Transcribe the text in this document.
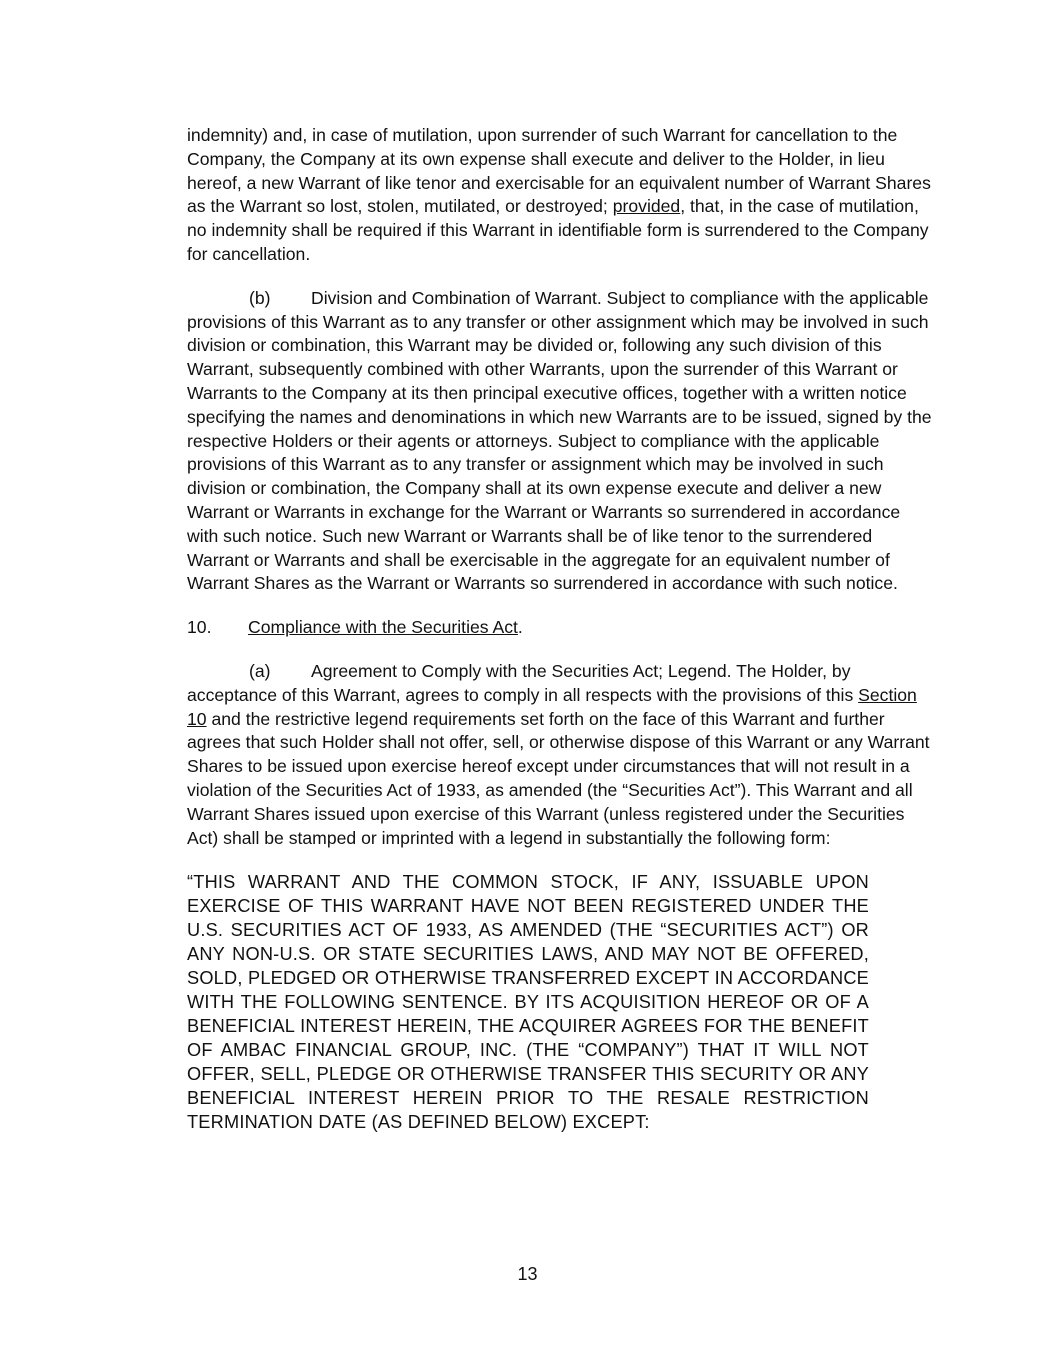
indemnity) and, in case of mutilation, upon surrender of such Warrant for cancellation to the Company, the Company at its own expense shall execute and deliver to the Holder, in lieu hereof, a new Warrant of like tenor and exercisable for an equivalent number of Warrant Shares as the Warrant so lost, stolen, mutilated, or destroyed; provided, that, in the case of mutilation, no indemnity shall be required if this Warrant in identifiable form is surrendered to the Company for cancellation.

(b) Division and Combination of Warrant. Subject to compliance with the applicable provisions of this Warrant as to any transfer or other assignment which may be involved in such division or combination, this Warrant may be divided or, following any such division of this Warrant, subsequently combined with other Warrants, upon the surrender of this Warrant or Warrants to the Company at its then principal executive offices, together with a written notice specifying the names and denominations in which new Warrants are to be issued, signed by the respective Holders or their agents or attorneys. Subject to compliance with the applicable provisions of this Warrant as to any transfer or assignment which may be involved in such division or combination, the Company shall at its own expense execute and deliver a new Warrant or Warrants in exchange for the Warrant or Warrants so surrendered in accordance with such notice. Such new Warrant or Warrants shall be of like tenor to the surrendered Warrant or Warrants and shall be exercisable in the aggregate for an equivalent number of Warrant Shares as the Warrant or Warrants so surrendered in accordance with such notice.

10. Compliance with the Securities Act.

(a) Agreement to Comply with the Securities Act; Legend. The Holder, by acceptance of this Warrant, agrees to comply in all respects with the provisions of this Section 10 and the restrictive legend requirements set forth on the face of this Warrant and further agrees that such Holder shall not offer, sell, or otherwise dispose of this Warrant or any Warrant Shares to be issued upon exercise hereof except under circumstances that will not result in a violation of the Securities Act of 1933, as amended (the “Securities Act”). This Warrant and all Warrant Shares issued upon exercise of this Warrant (unless registered under the Securities Act) shall be stamped or imprinted with a legend in substantially the following form:

“THIS WARRANT AND THE COMMON STOCK, IF ANY, ISSUABLE UPON EXERCISE OF THIS WARRANT HAVE NOT BEEN REGISTERED UNDER THE U.S. SECURITIES ACT OF 1933, AS AMENDED (THE “SECURITIES ACT”) OR ANY NON-U.S. OR STATE SECURITIES LAWS, AND MAY NOT BE OFFERED, SOLD, PLEDGED OR OTHERWISE TRANSFERRED EXCEPT IN ACCORDANCE WITH THE FOLLOWING SENTENCE. BY ITS ACQUISITION HEREOF OR OF A BENEFICIAL INTEREST HEREIN, THE ACQUIRER AGREES FOR THE BENEFIT OF AMBAC FINANCIAL GROUP, INC. (THE “COMPANY”) THAT IT WILL NOT OFFER, SELL, PLEDGE OR OTHERWISE TRANSFER THIS SECURITY OR ANY BENEFICIAL INTEREST HEREIN PRIOR TO THE RESALE RESTRICTION TERMINATION DATE (AS DEFINED BELOW) EXCEPT:

13
